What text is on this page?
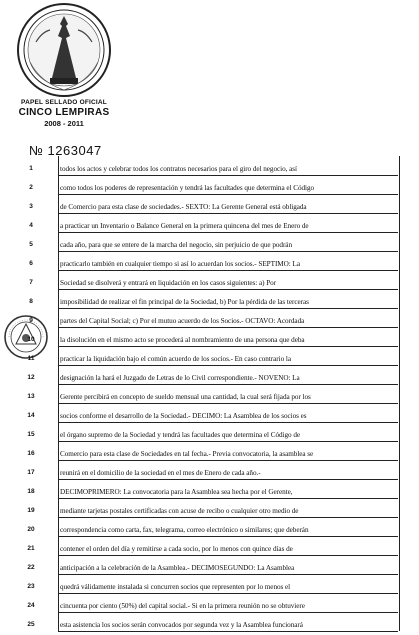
PAPEL SELLADO OFICIAL
CINCO LEMPIRAS
2008 - 2011
№ 1263047
1
2
3
4
5
6
7
8
9
10
11
12
13
14
15
16
17
18
19
20
21
22
23
24
25
todos los actos y celebrar todos los contratos necesarios para el giro del negocio, así
como todos los poderes de representación y tendrá las facultades que determina el Código
de Comercio para esta clase de sociedades.- SEXTO: La Gerente General está obligada
a practicar un Inventario o Balance General en la primera quincena del mes de Enero de
cada año, para que se entere de la marcha del negocio, sin perjuicio de que podrán
practicarlo también en cualquier tiempo si así lo acuerdan los socios.- SEPTIMO: La
Sociedad se disolverá y entrará en liquidación en los casos siguientes: a) Por
imposibilidad de realizar el fin principal de la Sociedad, b) Por la pérdida de las terceras
partes del Capital Social; c) Por el mutuo acuerdo de los Socios.- OCTAVO: Acordada
la disolución en el mismo acto se procederá al nombramiento de una persona que deba
practicar la liquidación bajo el común acuerdo de los socios.- En caso contrario la
designación la hará el Juzgado de Letras de lo Civil correspondiente.- NOVENO: La
Gerente percibirá en concepto de sueldo mensual una cantidad, la cual será fijada por los
socios conforme el desarrollo de la Sociedad.- DECIMO: La Asamblea de los socios es
el órgano supremo de la Sociedad y tendrá las facultades que determina el Código de
Comercio para esta clase de Sociedades en tal fecha.- Previa convocatoria, la asamblea se
reunirá en el domicilio de la sociedad en el mes de Enero de cada año.-
DECIMOPRIMERO: La convocatoria para la Asamblea sea hecha por el Gerente,
mediante tarjetas postales certificadas con acuse de recibo o cualquier otro medio de
correspondencia como carta, fax, telegrama, correo electrónico o similares; que deberán
contener el orden del día y remitirse a cada socio, por lo menos con quince días de
anticipación a la celebración de la Asamblea.- DECIMOSEGUNDO: La Asamblea
quedrá válidamente instalada si concurren socios que representen por lo menos el
cincuenta por ciento (50%) del capital social.- Si en la primera reunión no se obtuviere
esta asistencia los socios serán convocados por segunda vez y la Asamblea funcionará
